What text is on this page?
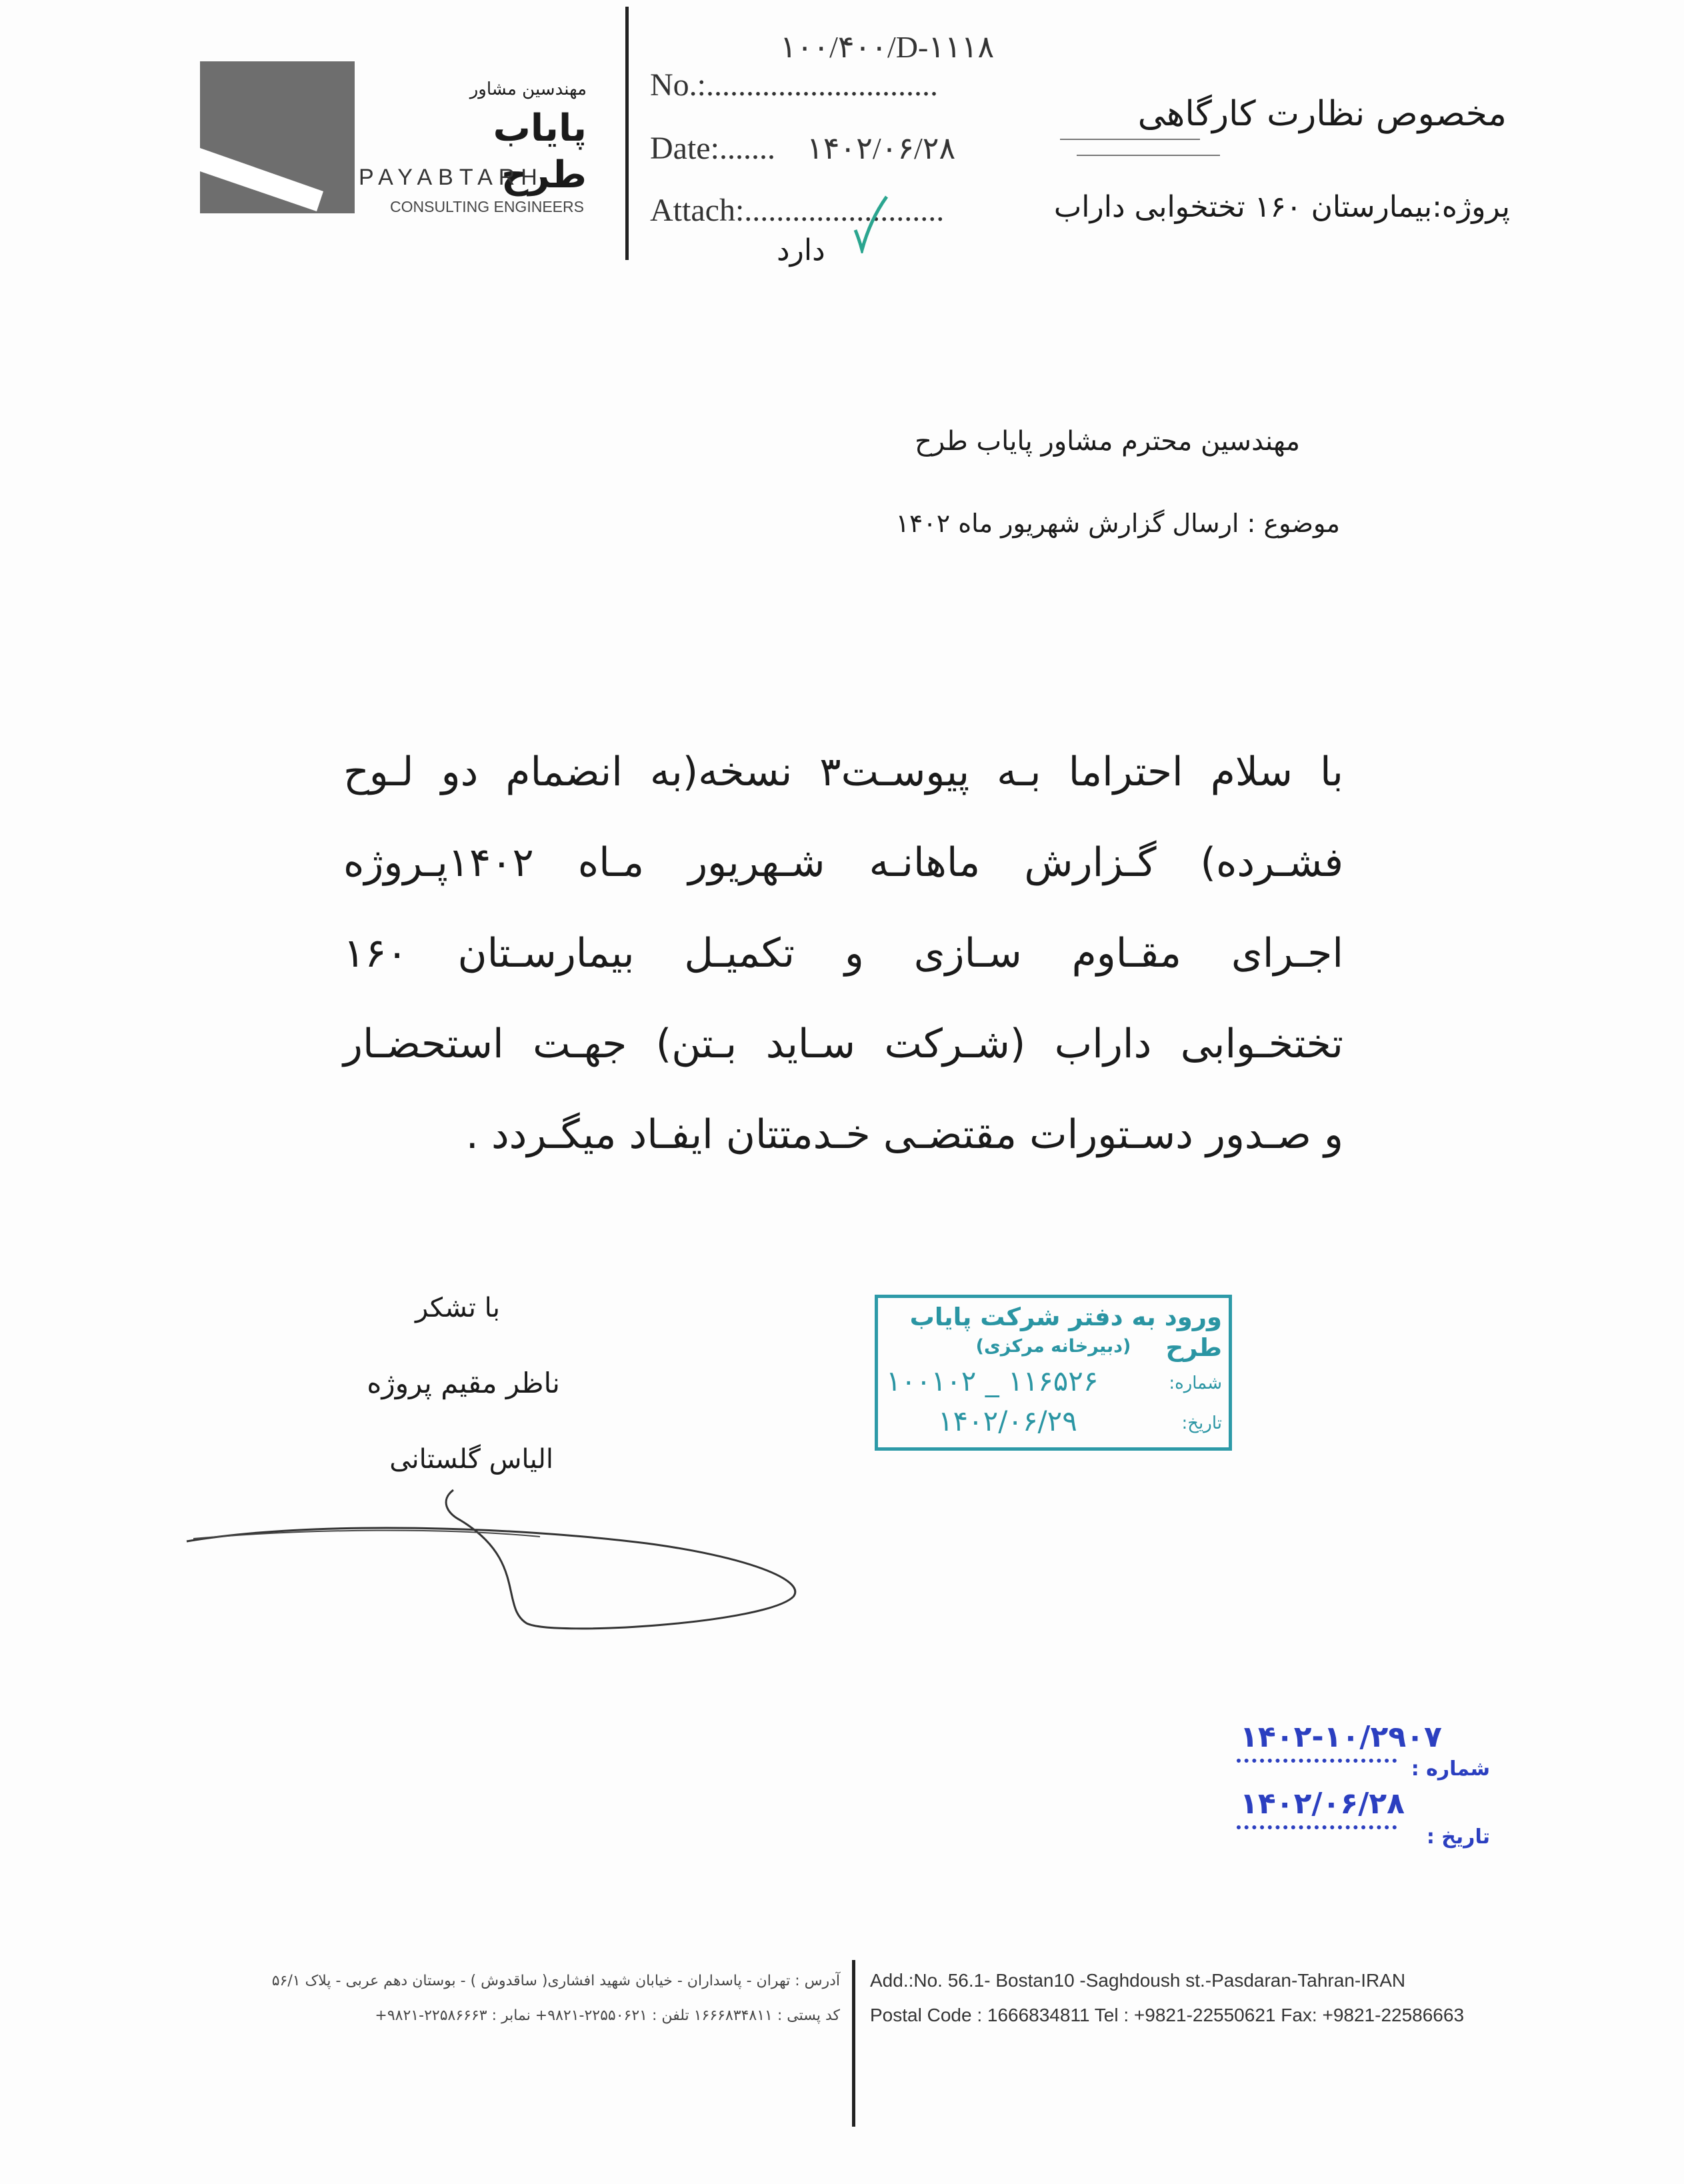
مهندسین مشاور
پایاب طرح
PAYABTARH
CONSULTING ENGINEERS
No.:.............................
۱۰۰/۴۰۰/D-۱۱۱۸
Date:....... ۱۴۰۲/۰۶/۲۸
Attach:.........................
دارد
مخصوص نظارت کارگاهی
پروژه:بیمارستان ۱۶۰ تختخوابی داراب
مهندسین محترم مشاور پایاب طرح
موضوع : ارسال گزارش شهریور ماه ۱۴۰۲
با سلام احتراما بـه پیوسـت۳ نسخه(به انضمام دو لـوح
فشـرده) گـزارش ماهانـه شـهریور مـاه ۱۴۰۲پـروژه
اجـرای مقـاوم سـازی و تکمیـل بیمارسـتان ۱۶۰
تختخـوابی داراب (شـرکت سـاید بـتن) جهـت استحضـار
و صـدور دسـتورات مقتضـی خـدمتتان ایفـاد میگـردد .
با تشکر
ناظر مقیم پروژه
الیاس گلستانی
ورود به دفتر شرکت پایاب طرح
(دبیرخانه مرکزی)
شماره:
۱۰۰۱۰۲ _ ۱۱۶۵۲۶
تاریخ:
۱۴۰۲/۰۶/۲۹
۱۴۰۲-۱۰/۲۹۰۷
شماره :
۱۴۰۲/۰۶/۲۸
تاریخ :
آدرس : تهران - پاسداران - خیابان شهید افشاری( ساقدوش ) - بوستان دهم عربی - پلاک ۵۶/۱
کد پستی : ۱۶۶۶۸۳۴۸۱۱ تلفن : ۲۲۵۵۰۶۲۱-۹۸۲۱+ نمابر : ۲۲۵۸۶۶۶۳-۹۸۲۱+
Add.:No. 56.1- Bostan10 -Saghdoush st.-Pasdaran-Tahran-IRAN
Postal Code : 1666834811 Tel : +9821-22550621 Fax: +9821-22586663
